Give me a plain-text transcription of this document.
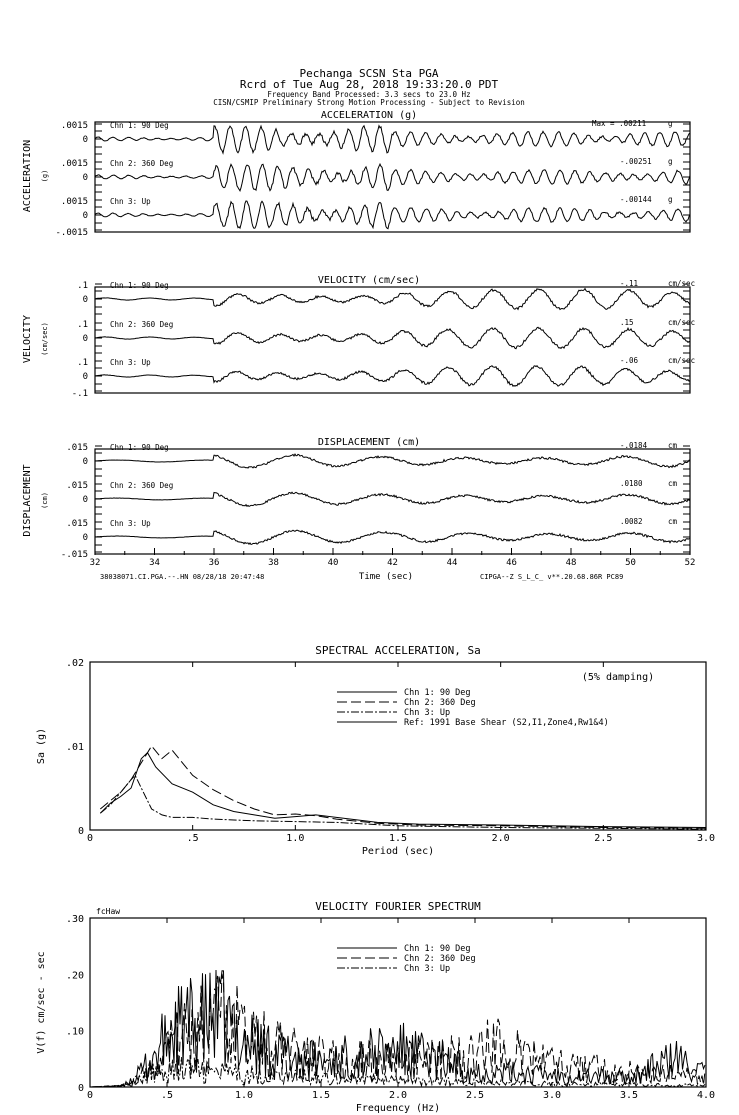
Pechanga SCSN Sta PGA
Rcrd of Tue Aug 28, 2018 19:33:20.0 PDT
Frequency Band Processed: 3.3 secs to 23.0 Hz
CISN/CSMIP Preliminary Strong Motion Processing - Subject to Revision
ACCELERATION (g)
ACCELERATION (g)
.0015
0
Chn 1: 90 Deg	Max = .00211	g
.0015
0
Chn 2: 360 Deg	-.00251 g
.0015
0
-.0015
Chn 3: Up	-.00144 g
VELOCITY (cm/sec)
VELOCITY (cm/sec)
.1
0
Chn 1: 90 Deg	-.11	cm/sec
.1
0
Chn 2: 360 Deg	.15	cm/sec
.1
0
-.1
Chn 3: Up	-.06	cm/sec
DISPLACEMENT (cm)
DISPLACEMENT (cm)
.015
0
Chn 1: 90 Deg	-.0184	cm
.015
0
Chn 2: 360 Deg	.0180	cm
.015
0
-.015
Chn 3: Up	.0082	cm
32	34	36	38	40	42	44	46	48	50	52
Time (sec)
38038071.CI.PGA.--.HN 08/28/18 20:47:48	CIPGA--Z S_L_C_ v**.20.68.86R PC89
SPECTRAL ACCELERATION, Sa
0	.5	1.0	1.5	2.0	2.5	3.0
0
.01
.02
Period (sec)
Sa (g)
Chn 1: 90 Deg
Chn 2: 360 Deg
Chn 3: Up
Ref: 1991 Base Shear (S2,I1,Zone4,Rw1&4)
(5% damping)
VELOCITY FOURIER SPECTRUM
0	.5	1.0	1.5	2.0	2.5	3.0	3.5	4.0
0
.10
.20
.30
Frequency (Hz)
V(f) cm/sec - sec
Chn 1: 90 Deg
Chn 2: 360 Deg
Chn 3: Up
fcHaw
